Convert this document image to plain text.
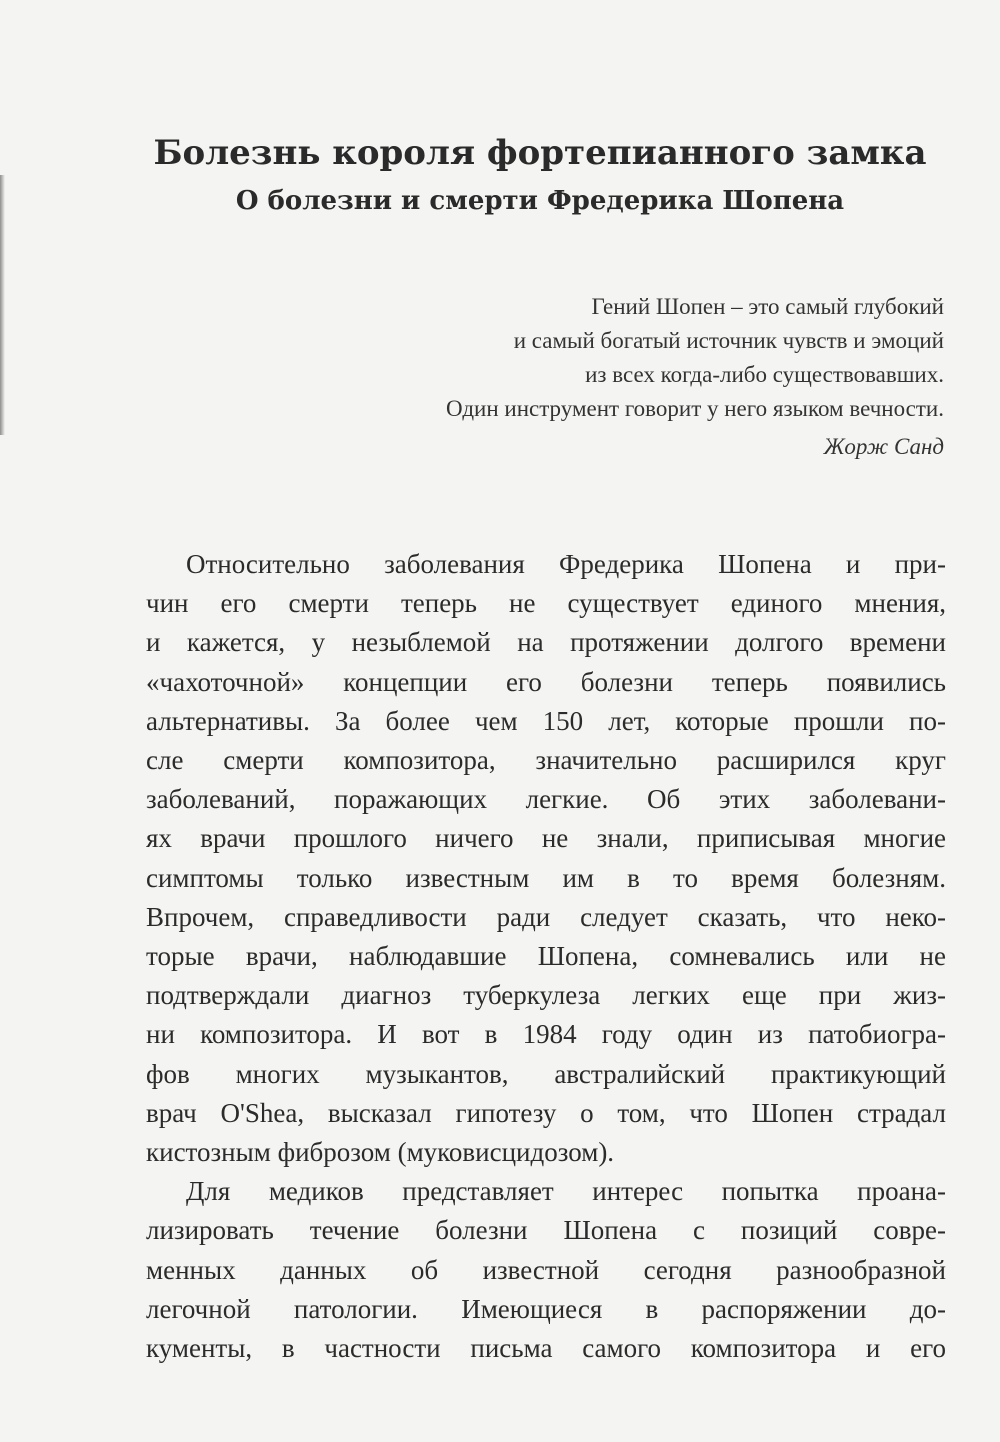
Болезнь короля фортепианного замка
О болезни и смерти Фредерика Шопена
Гений Шопен – это самый глубокий
и самый богатый источник чувств и эмоций
из всех когда-либо существовавших.
Один инструмент говорит у него языком вечности.
Жорж Санд

Относительно заболевания Фредерика Шопена и при-
чин его смерти теперь не существует единого мнения,
и кажется, у незыблемой на протяжении долгого времени
«чахоточной» концепции его болезни теперь появились
альтернативы. За более чем 150 лет, которые прошли по-
сле смерти композитора, значительно расширился круг
заболеваний, поражающих легкие. Об этих заболевани-
ях врачи прошлого ничего не знали, приписывая многие
симптомы только известным им в то время болезням.
Впрочем, справедливости ради следует сказать, что неко-
торые врачи, наблюдавшие Шопена, сомневались или не
подтверждали диагноз туберкулеза легких еще при жиз-
ни композитора. И вот в 1984 году один из патобиогра-
фов многих музыкантов, австралийский практикующий
врач O'Shea, высказал гипотезу о том, что Шопен страдал
кистозным фиброзом (муковисцидозом).

Для медиков представляет интерес попытка проана-
лизировать течение болезни Шопена с позиций совре-
менных данных об известной сегодня разнообразной
легочной патологии. Имеющиеся в распоряжении до-
кументы, в частности письма самого композитора и его
